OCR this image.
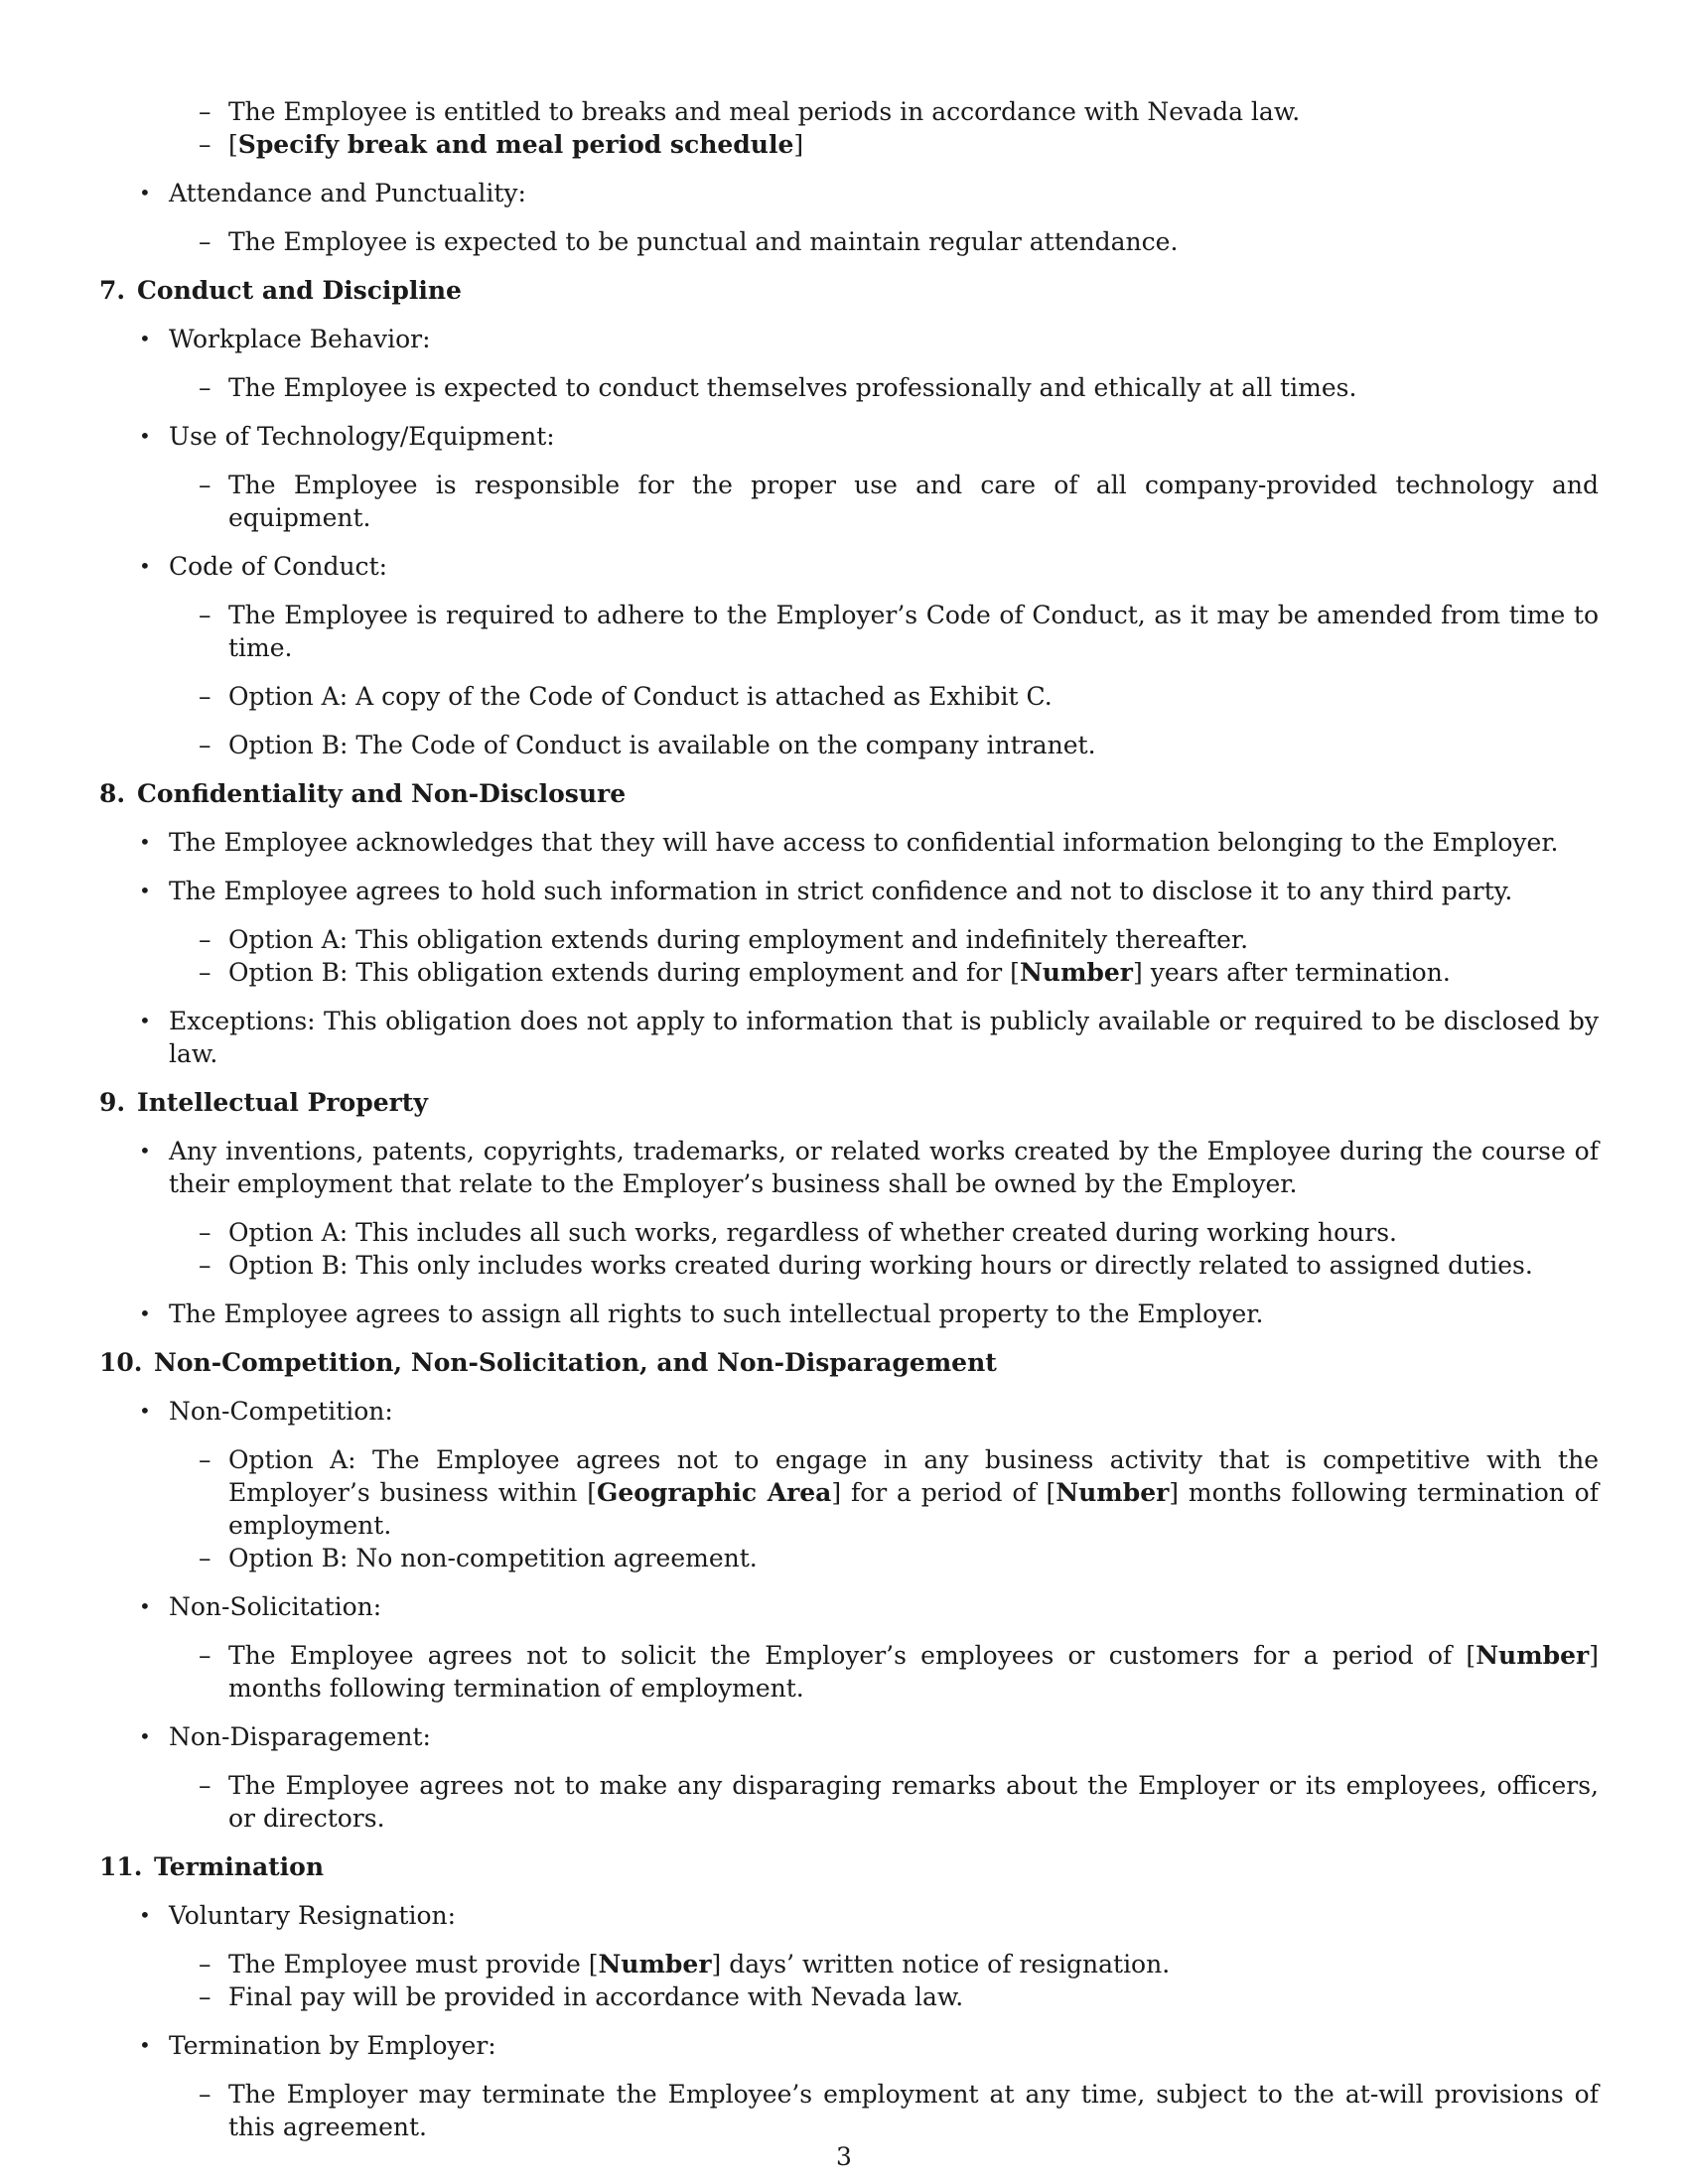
– The Employee is entitled to breaks and meal periods in accordance with Nevada law.
– [Specify break and meal period schedule]
• Attendance and Punctuality:
– The Employee is expected to be punctual and maintain regular attendance.
7. Conduct and Discipline
• Workplace Behavior:
– The Employee is expected to conduct themselves professionally and ethically at all times.
• Use of Technology/Equipment:
– The Employee is responsible for the proper use and care of all company-provided technology and equipment.
• Code of Conduct:
– The Employee is required to adhere to the Employer’s Code of Conduct, as it may be amended from time to time.
– Option A: A copy of the Code of Conduct is attached as Exhibit C.
– Option B: The Code of Conduct is available on the company intranet.
8. Confidentiality and Non-Disclosure
• The Employee acknowledges that they will have access to confidential information belonging to the Employer.
• The Employee agrees to hold such information in strict confidence and not to disclose it to any third party.
– Option A: This obligation extends during employment and indefinitely thereafter.
– Option B: This obligation extends during employment and for [Number] years after termination.
• Exceptions: This obligation does not apply to information that is publicly available or required to be disclosed by law.
9. Intellectual Property
• Any inventions, patents, copyrights, trademarks, or related works created by the Employee during the course of their employment that relate to the Employer’s business shall be owned by the Employer.
– Option A: This includes all such works, regardless of whether created during working hours.
– Option B: This only includes works created during working hours or directly related to assigned duties.
• The Employee agrees to assign all rights to such intellectual property to the Employer.
10. Non-Competition, Non-Solicitation, and Non-Disparagement
• Non-Competition:
– Option A: The Employee agrees not to engage in any business activity that is competitive with the Employer’s business within [Geographic Area] for a period of [Number] months following termination of employment.
– Option B: No non-competition agreement.
• Non-Solicitation:
– The Employee agrees not to solicit the Employer’s employees or customers for a period of [Number] months following termination of employment.
• Non-Disparagement:
– The Employee agrees not to make any disparaging remarks about the Employer or its employees, officers, or directors.
11. Termination
• Voluntary Resignation:
– The Employee must provide [Number] days’ written notice of resignation.
– Final pay will be provided in accordance with Nevada law.
• Termination by Employer:
– The Employer may terminate the Employee’s employment at any time, subject to the at-will provisions of this agreement.
3
